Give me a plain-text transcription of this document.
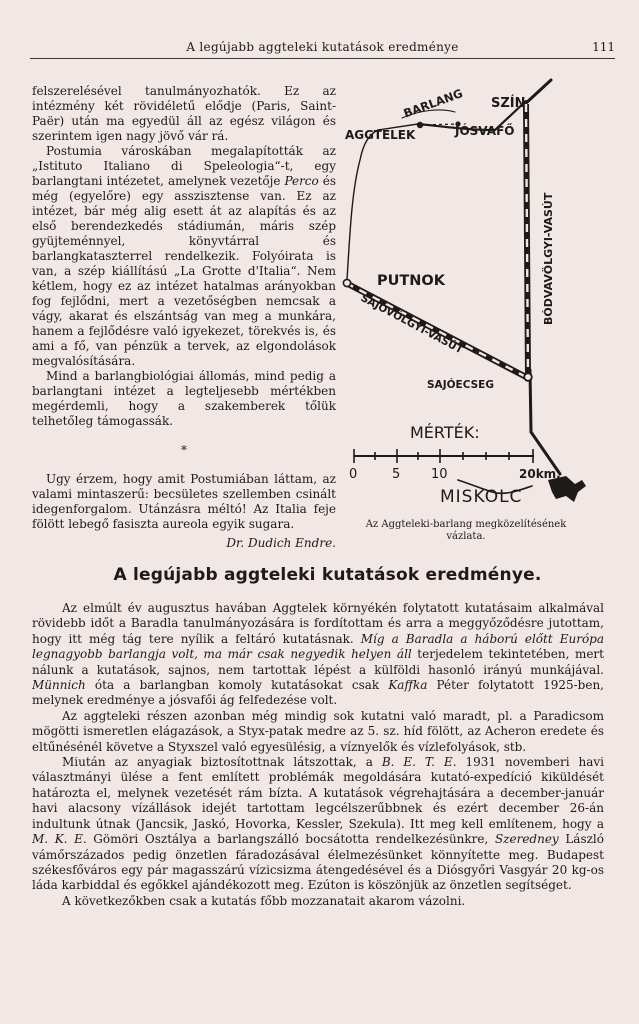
A legújabb aggteleki kutatások eredménye	111

felszerelésével tanulmányozhatók. Ez az intézmény két rövidéletű elődje (Paris, Saint-Paër) után ma egyedül áll az egész világon és szerintem igen nagy jövő vár rá.

Postumia városkában megalapították az „Istituto Italiano di Speleologia“-t, egy barlangtani intézetet, amelynek vezetője Perco és még (egyelőre) egy asszisztense van. Ez az intézet, bár még alig esett át az alapítás és az első berendezkedés stádiumán, máris szép gyüjteménnyel, könyvtárral és barlangkataszterrel rendelkezik. Folyóirata is van, a szép kiállítású „La Grotte d'Italia“. Nem kétlem, hogy ez az intézet hatalmas arányokban fog fejlődni, mert a vezetőségben nemcsak a vágy, akarat és elszántság van meg a munkára, hanem a fejlődésre való igyekezet, törekvés is, és ami a fő, van pénzük a tervek, az elgondolások megvalósítására.

Mind a barlangbiológiai állomás, mind pedig a barlangtani intézet a legteljesebb mértékben megérdemli, hogy a szakemberek tőlük telhetőleg támogassák.

*

Ugy érzem, hogy amit Postumiában láttam, az valami mintaszerű: becsületes szellemben csinált idegenforgalom. Utánzásra méltó! Az Italia feje fölött lebegő fasiszta aureola egyik sugara.

Dr. Dudich Endre.
BARLANG SZÍN
AGGTELEK	JÓSVAFŐ
PUTNOK
SAJÓECSEG
MISKOLC
BÓDVAVÖLGYI-VASÚT
SAJÓVÖLGYI-VASÚT
MÉRTÉK:
0	5 10	20km.
Az Aggteleki-barlang megközelítésének vázlata.
A legújabb aggteleki kutatások eredménye.

Az elmúlt év augusztus havában Aggtelek környékén folytatott kutatásaim alkalmával rövidebb időt a Baradla tanulmányozására is fordítottam és arra a meggyőződésre jutottam, hogy itt még tág tere nyílik a feltáró kutatásnak. Míg a Baradla a háború előtt Európa legnagyobb barlangja volt, ma már csak negyedik helyen áll terjedelem tekintetében, mert nálunk a kutatások, sajnos, nem tartottak lépést a külföldi hasonló irányú munkájával. Münnich óta a barlangban komoly kutatásokat csak Kaffka Péter folytatott 1925-ben, melynek eredménye a jósvafői ág felfedezése volt.

Az aggteleki részen azonban még mindig sok kutatni való maradt, pl. a Paradicsom mögötti ismeretlen elágazások, a Styx-patak medre az 5. sz. híd fölött, az Acheron eredete és eltűnésénél követve a Styxszel való egyesülésig, a víznyelők és vízlefolyások, stb.

Miután az anyagiak biztosítottnak látszottak, a B. E. T. E. 1931 novemberi havi választmányi ülése a fent említett problémák megoldására kutató-expedíció kiküldését határozta el, melynek vezetését rám bízta. A kutatások végrehajtására a december-január havi alacsony vízállások idejét tartottam legcélszerűbbnek és ezért december 26-án indultunk útnak (Jancsik, Jaskó, Hovorka, Kessler, Szekula). Itt meg kell említenem, hogy a M. K. E. Gömöri Osztálya a barlangszálló bocsátotta rendelkezésünkre, Szeredney László vámőrszázados pedig önzetlen fáradozásával élelmezésünket könnyítette meg. Budapest székesfőváros egy pár magasszárú vízicsizma átengedésével és a Diósgyőri Vasgyár 20 kg-os láda karbiddal és egőkkel ajándékozott meg. Ezúton is köszönjük az önzetlen segítséget.

A következőkben csak a kutatás főbb mozzanatait akarom vázolni.
